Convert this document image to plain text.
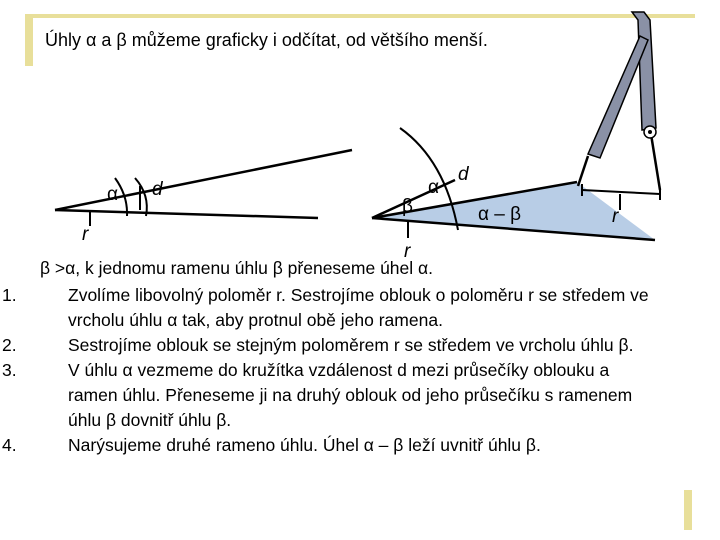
Úhly α a β můžeme graficky i odčítat, od většího menší.
α d
r
α
β
d
r
α – β	r
β >α, k jednomu ramenu úhlu β přeneseme úhel α.
1 .	Zvolíme libovolný poloměr r. Sestrojíme oblouk o poloměru r se středem ve vrcholu úhlu α tak, aby protnul obě jeho ramena.
2 .	Sestrojíme oblouk se stejným poloměrem r se středem ve vrcholu úhlu β.
3 .	V úhlu α vezmeme do kružítka vzdálenost d mezi průsečíky oblouku a ramen úhlu. Přeneseme ji na druhý oblouk od jeho průsečíku s ramenem úhlu β dovnitř úhlu β.
4 .	Narýsujeme druhé rameno úhlu. Úhel α – β leží uvnitř úhlu β.
